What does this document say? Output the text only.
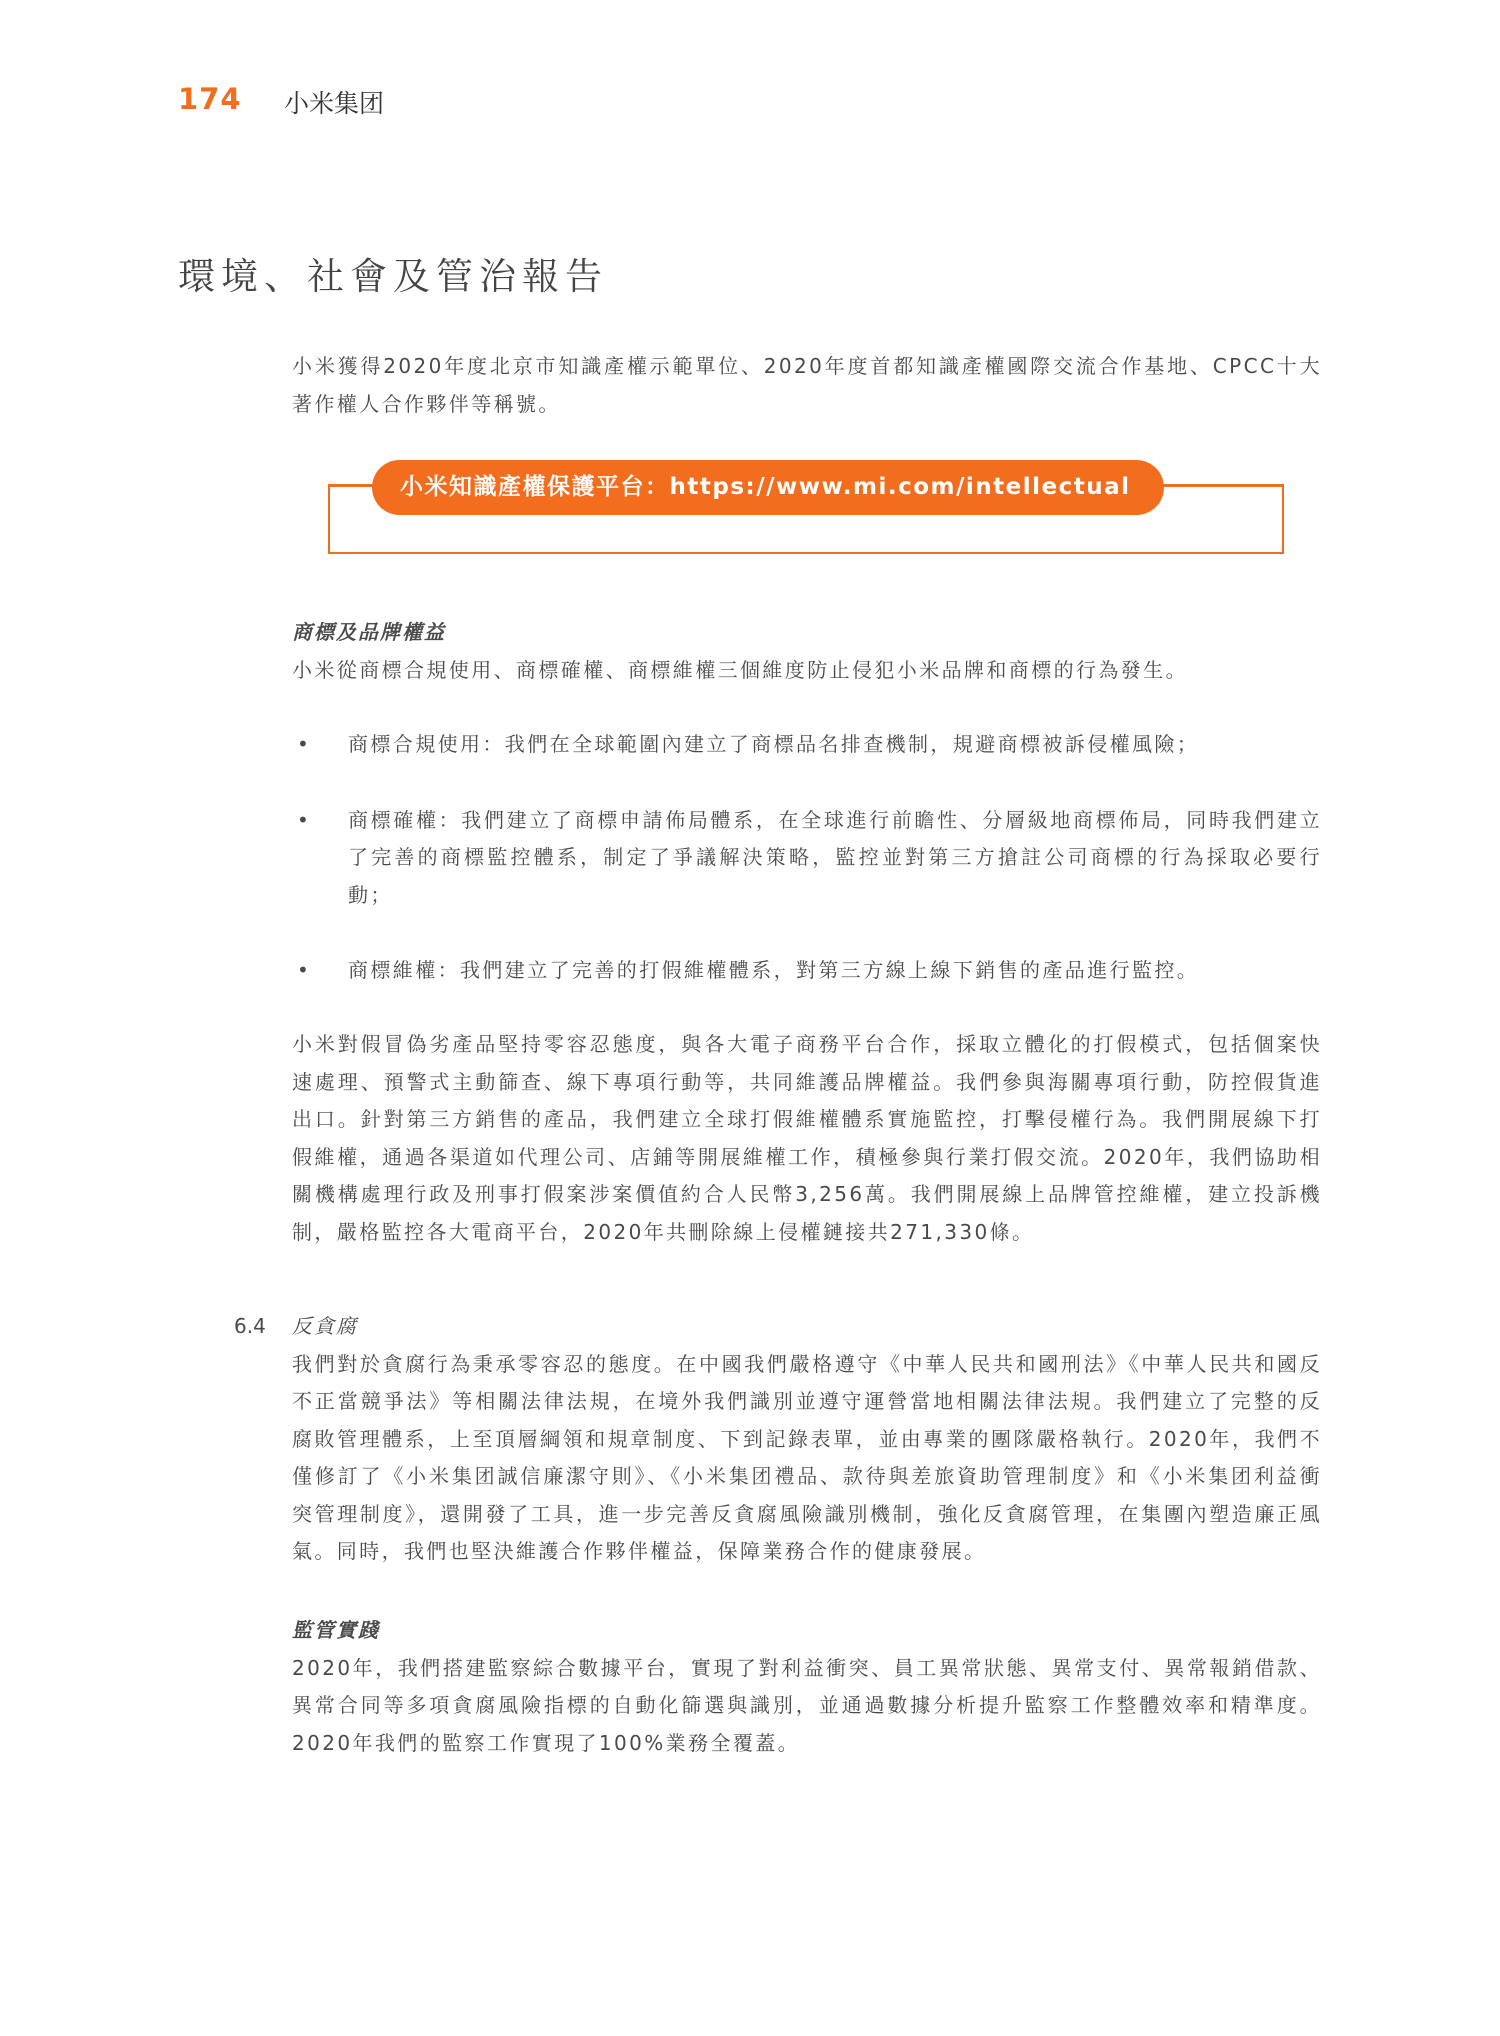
174 小米集团
環境、社會及管治報告

小米獲得2020年度北京市知識產權示範單位、2020年度首都知識產權國際交流合作基地、CPCC十大著作權人合作夥伴等稱號。

小米知識產權保護平台：https://www.mi.com/intellectual

商標及品牌權益

小米從商標合規使用、商標確權、商標維權三個維度防止侵犯小米品牌和商標的行為發生。

• 商標合規使用：我們在全球範圍內建立了商標品名排查機制，規避商標被訴侵權風險；
• 商標確權：我們建立了商標申請佈局體系，在全球進行前瞻性、分層級地商標佈局，同時我們建立了完善的商標監控體系，制定了爭議解決策略，監控並對第三方搶註公司商標的行為採取必要行動；
• 商標維權：我們建立了完善的打假維權體系，對第三方線上線下銷售的產品進行監控。

小米對假冒偽劣產品堅持零容忍態度，與各大電子商務平台合作，採取立體化的打假模式，包括個案快速處理、預警式主動篩查、線下專項行動等，共同維護品牌權益。我們參與海關專項行動，防控假貨進出口。針對第三方銷售的產品，我們建立全球打假維權體系實施監控，打擊侵權行為。我們開展線下打假維權，通過各渠道如代理公司、店鋪等開展維權工作，積極參與行業打假交流。2020年，我們協助相關機構處理行政及刑事打假案涉案價值約合人民幣3,256萬。我們開展線上品牌管控維權，建立投訴機制，嚴格監控各大電商平台，2020年共刪除線上侵權鏈接共271,330條。

6.4 反貪腐

我們對於貪腐行為秉承零容忍的態度。在中國我們嚴格遵守《中華人民共和國刑法》《中華人民共和國反不正當競爭法》等相關法律法規，在境外我們識別並遵守運營當地相關法律法規。我們建立了完整的反腐敗管理體系，上至頂層綱領和規章制度、下到記錄表單，並由專業的團隊嚴格執行。2020年，我們不僅修訂了《小米集团誠信廉潔守則》、《小米集团禮品、款待與差旅資助管理制度》和《小米集团利益衝突管理制度》，還開發了工具，進一步完善反貪腐風險識別機制，強化反貪腐管理，在集團內塑造廉正風氣。同時，我們也堅決維護合作夥伴權益，保障業務合作的健康發展。

監管實踐

2020年，我們搭建監察綜合數據平台，實現了對利益衝突、員工異常狀態、異常支付、異常報銷借款、異常合同等多項貪腐風險指標的自動化篩選與識別，並通過數據分析提升監察工作整體效率和精準度。2020年我們的監察工作實現了100%業務全覆蓋。
